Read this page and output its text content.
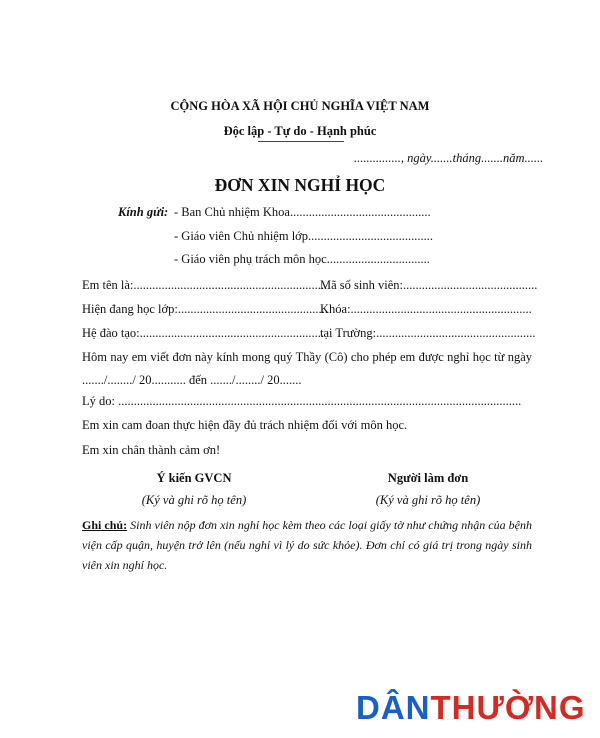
CỘNG HÒA XÃ HỘI CHỦ NGHĨA VIỆT NAM
Độc lập - Tự do - Hạnh phúc
..............., ngày.......tháng.......năm......
ĐƠN XIN NGHỈ HỌC
Kính gửi: - Ban Chủ nhiệm Khoa.............................................
- Giáo viên Chủ nhiệm lớp........................................
- Giáo viên phụ trách môn học.................................
Em tên là:..............................................................
Mã số sinh viên:...........................................
Hiện đang học lớp:................................................
Khóa:..........................................................
Hệ đào tạo:...........................................................
tại Trường:...................................................
Hôm nay em viết đơn này kính mong quý Thầy (Cô) cho phép em được nghỉ học từ ngày ......./......../ 20........... đến ......./......../ 20.......
Lý do: .................................................................................................................................
Em xin cam đoan thực hiện đầy đủ trách nhiệm đối với môn học.
Em xin chân thành cảm ơn!
Ý kiến GVCN
(Ký và ghi rõ họ tên)
Người làm đơn
(Ký và ghi rõ họ tên)
Ghi chú: Sinh viên nộp đơn xin nghỉ học kèm theo các loại giấy tờ như chứng nhận của bệnh viện cấp quận, huyện trở lên (nếu nghỉ vì lý do sức khỏe). Đơn chỉ có giá trị trong ngày sinh viên xin nghỉ học.
DÂNTHƯỜNG
